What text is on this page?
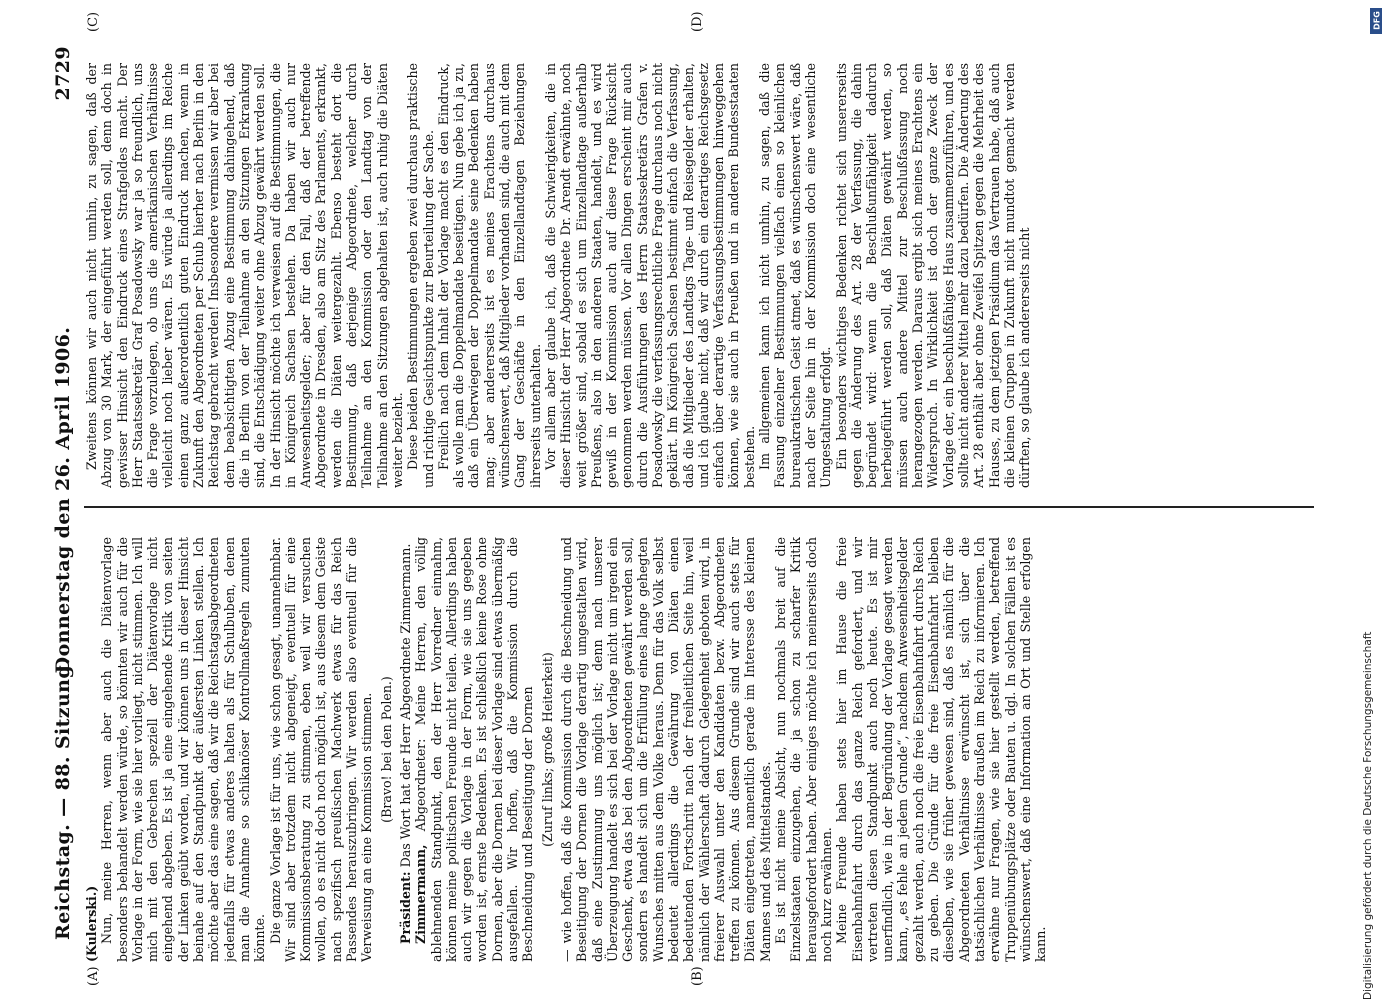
Reichstag. — 88. Sitzung.
Donnerstag den 26. April 1906.
2729
(A)	(B)
(C)	(D)

(Kulerski.) Nun, meine Herren, wenn aber auch die Diätenvorlage besonders behandelt werden würde, so könnten wir auch für die Vorlage in der Form, wie sie hier vorliegt, nicht stimmen. Ich will mich mit den Gebrechen speziell der Diätenvorlage nicht eingehend abgeben. Es ist ja eine eingehende Kritik von seiten der Linken geübt worden, und wir können uns in dieser Hinsicht beinahe auf den Standpunkt der äußersten Linken stellen. Ich möchte aber das eine sagen, daß wir die Reichstagsabgeordneten jedenfalls für etwas anderes halten als für Schulbuben, denen man die Annahme so schikanöser Kontrollmaßregeln zumuten könnte. Die ganze Vorlage ist für uns, wie schon gesagt, unannehmbar. Wir sind aber trotzdem nicht abgeneigt, eventuell für eine Kommissionsberatung zu stimmen, eben weil wir versuchen wollen, ob es nicht doch noch möglich ist, aus diesem dem Geiste nach spezifisch preußischen Machwerk etwas für das Reich Passendes herauszubringen. Wir werden also eventuell für die Verweisung an eine Kommission stimmen. (Bravo! bei den Polen.)

Präsident: Das Wort hat der Herr Abgeordnete Zimmermann.

Zimmermann, Abgeordneter: Meine Herren, den völlig ablehnenden Standpunkt, den der Herr Vorredner einnahm, können meine politischen Freunde nicht teilen. Allerdings haben auch wir gegen die Vorlage in der Form, wie sie uns gegeben worden ist, ernste Bedenken. Es ist schließlich keine Rose ohne Dornen, aber die Dornen bei dieser Vorlage sind etwas übermäßig ausgefallen. Wir hoffen, daß die Kommission durch die Beschneidung und Beseitigung der Dornen (Zuruf links; große Heiterkeit) — wie hoffen, daß die Kommission durch die Beschneidung und Beseitigung der Dornen die Vorlage derartig umgestalten wird, daß eine Zustimmung uns möglich ist; denn nach unserer Überzeugung handelt es sich bei der Vorlage nicht um irgend ein Geschenk, etwa das bei den Abgeordneten gewährt werden soll, sondern es handelt sich um die Erfüllung eines lange gehegten Wunsches mitten aus dem Volke heraus. Denn für das Volk selbst bedeutet allerdings die Gewährung von Diäten einen bedeutenden Fortschritt nach der freiheitlichen Seite hin, weil nämlich der Wählerschaft dadurch Gelegenheit geboten wird, in freierer Auswahl unter den Kandidaten bezw. Abgeordneten treffen zu können. Aus diesem Grunde sind wir auch stets für Diäten eingetreten, namentlich gerade im Interesse des kleinen Mannes und des Mittelstandes. Es ist nicht meine Absicht, nun nochmals breit auf die Einzelstaaten einzugehen, die ja schon zu scharfer Kritik herausgefordert haben. Aber einiges möchte ich meinerseits doch noch kurz erwähnen. Meine Freunde haben stets hier im Hause die freie Eisenbahnfahrt durch das ganze Reich gefordert, und wir vertreten diesen Standpunkt auch noch heute. Es ist mir unerfindlich, wie in der Begründung der Vorlage gesagt werden kann, „es fehle an jedem Grunde“, nachdem Anwesenheitsgelder gezahlt werden, auch noch die freie Eisenbahnfahrt durchs Reich zu geben. Die Gründe für die freie Eisenbahnfahrt bleiben dieselben, wie sie früher gewesen sind, daß es nämlich für die Abgeordneten Verhältnisse erwünscht ist, sich über die tatsächlichen Verhältnisse draußen im Reich zu informieren. Ich erwähne nur Fragen, wie sie hier gestellt werden, betreffend Truppenübungsplätze oder Bauten u. dgl. In solchen Fällen ist es wünschenswert, daß eine Information an Ort und Stelle erfolgen kann.

Zweitens können wir auch nicht umhin, zu sagen, daß der Abzug von 30 Mark, der eingeführt werden soll, denn doch in gewisser Hinsicht den Eindruck eines Strafgeldes macht. Der Herr Staatssekretär Graf Posadowsky war ja so freundlich, uns die Frage vorzulegen, ob uns die amerikanischen Verhältnisse vielleicht noch lieber wären. Es würde ja allerdings im Reiche einen ganz außerordentlich guten Eindruck machen, wenn in Zukunft den Abgeordneten per Schub hierher nach Berlin in den Reichstag gebracht werden! Insbesondere vermissen wir aber bei dem beabsichtigten Abzug eine Bestimmung dahingehend, daß die in Berlin von der Teilnahme an den Sitzungen Erkrankung sind, die Entschädigung weiter ohne Abzug gewährt werden soll. In der Hinsicht möchte ich verweisen auf die Bestimmungen, die in Königreich Sachsen bestehen. Da haben wir auch nur Anwesenheitsgelder; aber für den Fall, daß der betreffende Abgeordnete in Dresden, also am Sitz des Parlaments, erkrankt, werden die Diäten weitergezahlt. Ebenso besteht dort die Bestimmung, daß derjenige Abgeordnete, welcher durch Teilnahme an den Kommission oder den Landtag von der Teilnahme an den Sitzungen abgehalten ist, auch ruhig die Diäten weiter bezieht. Diese beiden Bestimmungen ergeben zwei durchaus praktische und richtige Gesichtspunkte zur Beurteilung der Sache. Freilich nach dem Inhalt der Vorlage macht es den Eindruck, als wolle man die Doppelmandate beseitigen. Nun gebe ich ja zu, daß ein Überwiegen der Doppelmandate seine Bedenken haben mag; aber andererseits ist es meines Erachtens durchaus wünschenswert, daß Mitglieder vorhanden sind, die auch mit dem Gang der Geschäfte in den Einzellandtagen Beziehungen ihrerseits unterhalten. Vor allem aber glaube ich, daß die Schwierigkeiten, die in dieser Hinsicht der Herr Abgeordnete Dr. Arendt erwähnte, noch weit größer sind, sobald es sich um Einzellandtage außerhalb Preußens, also in den anderen Staaten, handelt, und es wird gewiß in der Kommission auch auf diese Frage Rücksicht genommen werden müssen. Vor allen Dingen erscheint mir auch durch die Ausführungen des Herrn Staatssekretärs Grafen v. Posadowsky die verfassungsrechtliche Frage durchaus noch nicht geklärt. Im Königreich Sachsen bestimmt einfach die Verfassung, daß die Mitglieder des Landtags Tage- und Reisegelder erhalten, und ich glaube nicht, daß wir durch ein derartiges Reichsgesetz einfach über derartige Verfassungsbestimmungen hinweggehen können, wie sie auch in Preußen und in anderen Bundesstaaten bestehen. Im allgemeinen kann ich nicht umhin, zu sagen, daß die Fassung einzelner Bestimmungen vielfach einen so kleinlichen bureaukratischen Geist atmet, daß es wünschenswert wäre, daß nach der Seite hin in der Kommission doch eine wesentliche Umgestaltung erfolgt. Ein besonders wichtiges Bedenken richtet sich unsererseits gegen die Änderung des Art. 28 der Verfassung, die dahin begründet wird: wenn die Beschlußunfähigkeit dadurch herbeigeführt werden soll, daß Diäten gewährt werden, so müssen auch andere Mittel zur Beschlußfassung noch herangezogen werden. Daraus ergibt sich meines Erachtens ein Widerspruch. In Wirklichkeit ist doch der ganze Zweck der Vorlage der, ein beschlußfähiges Haus zusammenzuführen, und es sollte nicht anderer Mittel mehr dazu bedürfen. Die Änderung des Art. 28 enthält aber ohne Zweifel Spitzen gegen die Mehrheit des Hauses, zu dem jetzigen Präsidium das Vertrauen habe, daß auch die kleinen Gruppen in Zukunft nicht mundtot gemacht werden dürften, so glaube ich andererseits nicht

DFG
Digitalisierung gefördert durch die Deutsche Forschungsgemeinschaft
